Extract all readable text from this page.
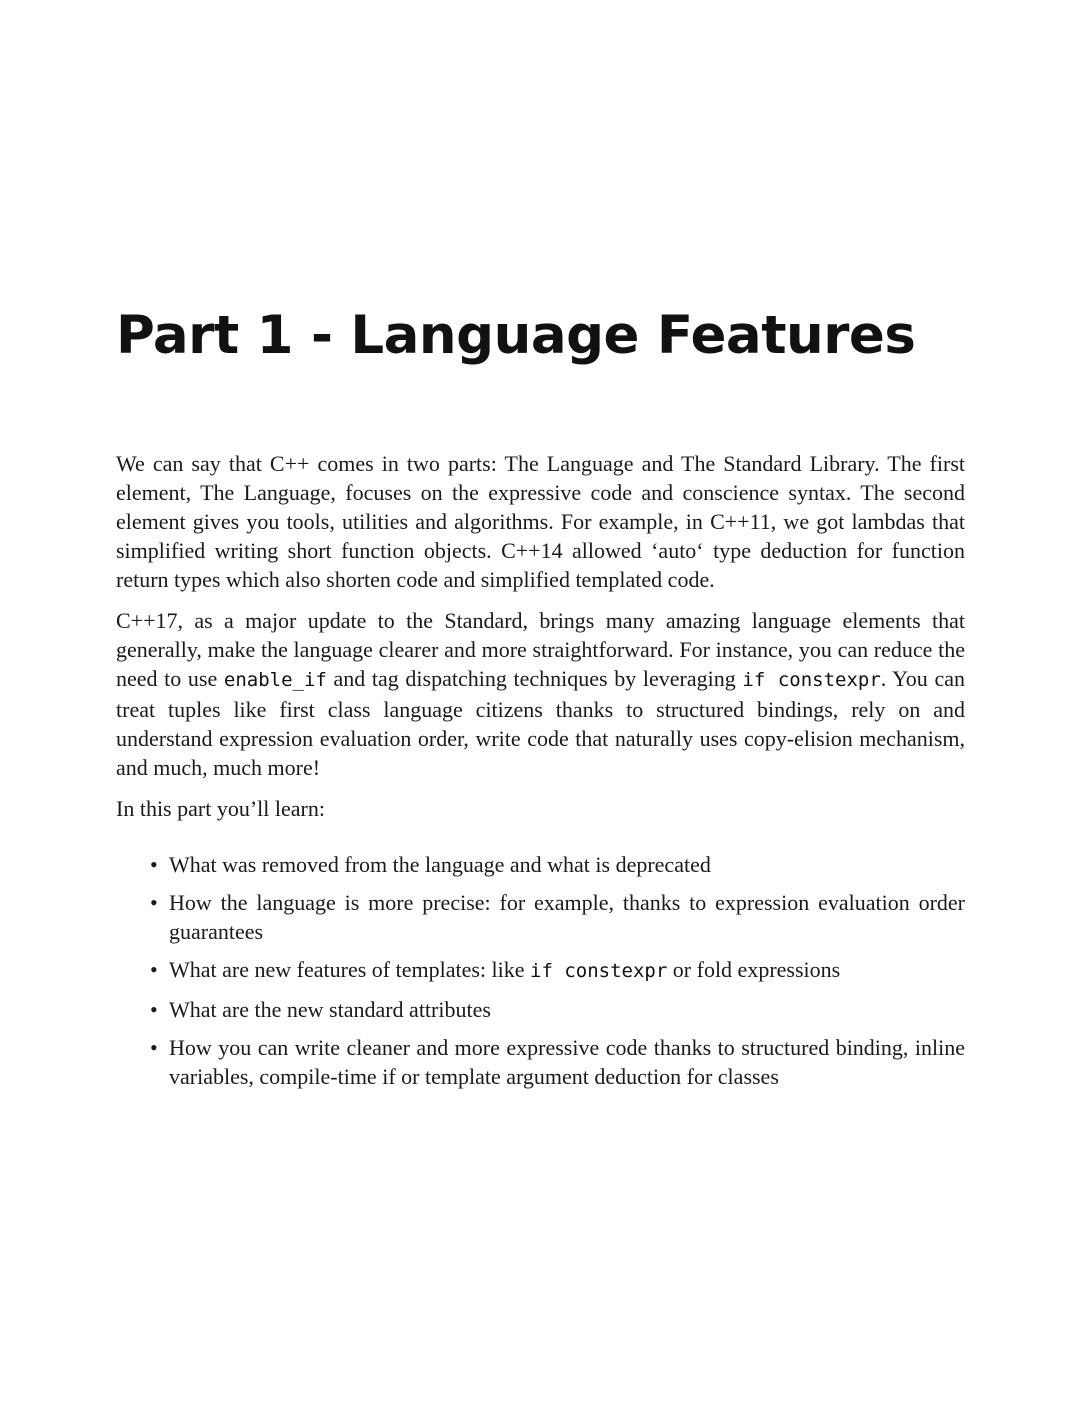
Part 1 - Language Features

We can say that C++ comes in two parts: The Language and The Standard Library. The first element, The Language, focuses on the expressive code and conscience syntax. The second element gives you tools, utilities and algorithms. For example, in C++11, we got lambdas that simplified writing short function objects. C++14 allowed ‘auto‘ type deduction for function return types which also shorten code and simplified templated code.

C++17, as a major update to the Standard, brings many amazing language elements that generally, make the language clearer and more straightforward. For instance, you can reduce the need to use enable_if and tag dispatching techniques by leveraging if constexpr. You can treat tuples like first class language citizens thanks to structured bindings, rely on and understand expression evaluation order, write code that naturally uses copy-elision mechanism, and much, much more!

In this part you’ll learn:

• What was removed from the language and what is deprecated
• How the language is more precise: for example, thanks to expression evaluation order guarantees
• What are new features of templates: like if constexpr or fold expressions
• What are the new standard attributes
• How you can write cleaner and more expressive code thanks to structured binding, inline variables, compile-time if or template argument deduction for classes
